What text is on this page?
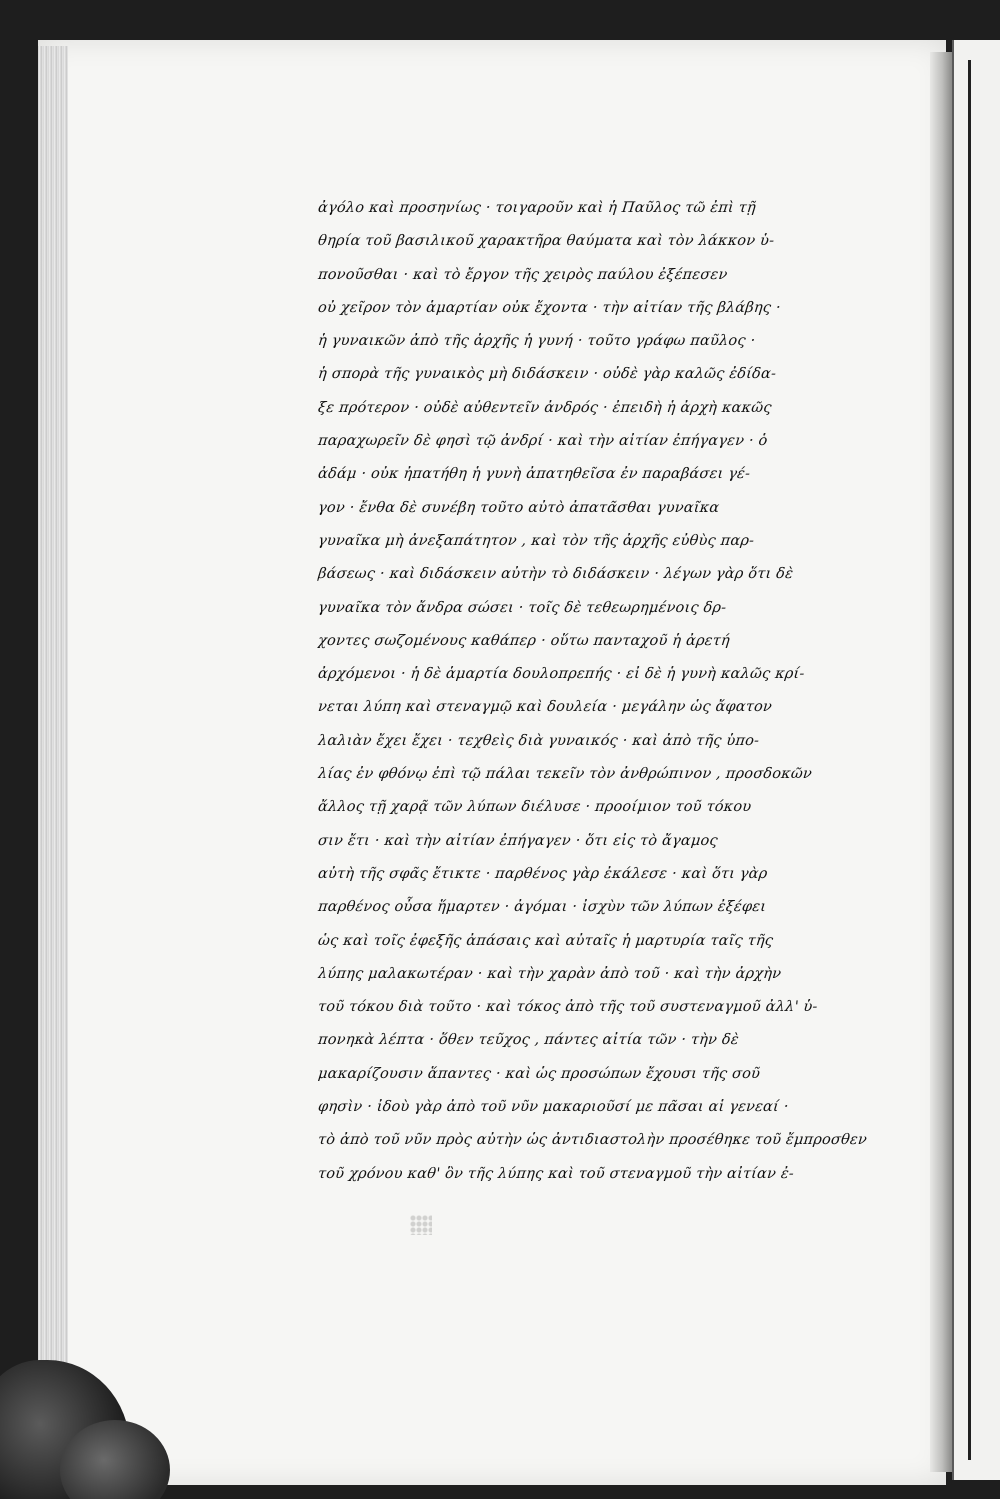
ἀγόλο καὶ προσηνίως · τοιγαροῦν καὶ ἡ Παῦλος τῶ ἐπὶ τῇ
θηρία τοῦ βασιλικοῦ χαρακτῆρα θαύματα καὶ τὸν λάκκον ὑ-
πονοῦσθαι · καὶ τὸ ἔργον τῆς χειρὸς παύλου ἐξέπεσεν
οὐ χεῖρον τὸν ἁμαρτίαν οὐκ ἔχοντα · τὴν αἰτίαν τῆς βλάβης ·
ἡ γυναικῶν ἀπὸ τῆς ἀρχῆς ἡ γυνή · τοῦτο γράφω παῦλος ·
ἡ σπορὰ τῆς γυναικὸς μὴ διδάσκειν · οὐδὲ γὰρ καλῶς ἐδίδα-
ξε πρότερον · οὐδὲ αὐθεντεῖν ἀνδρός · ἐπειδὴ ἡ ἀρχὴ κακῶς
παραχωρεῖν δὲ φησὶ τῷ ἀνδρί · καὶ τὴν αἰτίαν ἐπήγαγεν · ὁ
ἀδάμ · οὐκ ἠπατήθη ἡ γυνὴ ἀπατηθεῖσα ἐν παραβάσει γέ-
γον · ἔνθα δὲ συνέβη τοῦτο αὐτὸ ἀπατᾶσθαι γυναῖκα
γυναῖκα μὴ ἀνεξαπάτητον , καὶ τὸν τῆς ἀρχῆς εὐθὺς παρ-
βάσεως · καὶ διδάσκειν αὐτὴν τὸ διδάσκειν · λέγων γὰρ ὅτι δὲ
γυναῖκα τὸν ἄνδρα σώσει · τοῖς δὲ τεθεωρημένοις δρ-
χοντες σωζομένους καθάπερ · οὕτω πανταχοῦ ἡ ἀρετή
ἀρχόμενοι · ἡ δὲ ἁμαρτία δουλοπρεπής · εἰ δὲ ἡ γυνὴ καλῶς κρί-
νεται λύπη καὶ στεναγμῷ καὶ δουλεία · μεγάλην ὡς ἄφατον
λαλιὰν ἔχει ἔχει · τεχθεὶς διὰ γυναικός · καὶ ἀπὸ τῆς ὑπο-
λίας ἐν φθόνῳ ἐπὶ τῷ πάλαι τεκεῖν τὸν ἀνθρώπινον , προσδοκῶν
ἄλλος τῇ χαρᾷ τῶν λύπων διέλυσε · προοίμιον τοῦ τόκου
σιν ἔτι · καὶ τὴν αἰτίαν ἐπήγαγεν · ὅτι εἰς τὸ ἄγαμος
αὐτὴ τῆς σφᾶς ἔτικτε · παρθένος γὰρ ἐκάλεσε · καὶ ὅτι γὰρ
παρθένος οὖσα ἥμαρτεν · ἀγόμαι · ἰσχὺν τῶν λύπων ἐξέφει
ὡς καὶ τοῖς ἐφεξῆς ἀπάσαις καὶ αὐταῖς ἡ μαρτυρία ταῖς τῆς
λύπης μαλακωτέραν · καὶ τὴν χαρὰν ἀπὸ τοῦ · καὶ τὴν ἀρχὴν
τοῦ τόκου διὰ τοῦτο · καὶ τόκος ἀπὸ τῆς τοῦ συστεναγμοῦ ἀλλ' ὑ-
πονηκὰ λέπτα · ὅθεν τεῦχος , πάντες αἰτία τῶν · τὴν δὲ
μακαρίζουσιν ἅπαντες · καὶ ὡς προσώπων ἔχουσι τῆς σοῦ
φησὶν · ἰδοὺ γὰρ ἀπὸ τοῦ νῦν μακαριοῦσί με πᾶσαι αἱ γενεαί ·
τὸ ἀπὸ τοῦ νῦν πρὸς αὐτὴν ὡς ἀντιδιαστολὴν προσέθηκε τοῦ ἔμπροσθεν
τοῦ χρόνου καθ' ὃν τῆς λύπης καὶ τοῦ στεναγμοῦ τὴν αἰτίαν ἐ-
